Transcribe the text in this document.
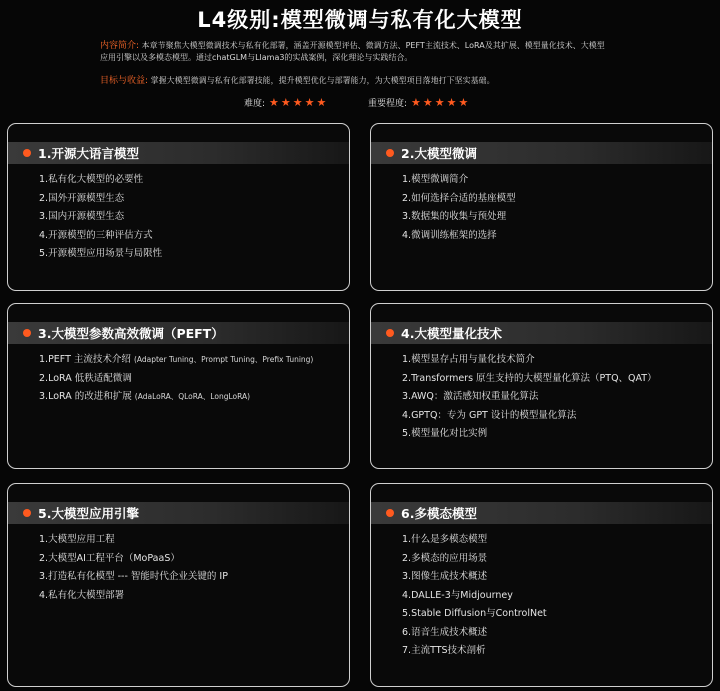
L4级别:模型微调与私有化大模型
内容简介: 本章节聚焦大模型微调技术与私有化部署，涵盖开源模型评估、微调方法、PEFT主流技术、LoRA及其扩展、模型量化技术、大模型
应用引擎以及多模态模型。通过chatGLM与Llama3的实战案例，深化理论与实践结合。
目标与收益: 掌握大模型微调与私有化部署技能，提升模型优化与部署能力，为大模型项目落地打下坚实基础。
难度: ★★★★★	重要程度: ★★★★★
1.开源大语言模型
1.私有化大模型的必要性
2.国外开源模型生态
3.国内开源模型生态
4.开源模型的三种评估方式
5.开源模型应用场景与局限性
2.大模型微调
1.模型微调简介
2.如何选择合适的基座模型
3.数据集的收集与预处理
4.微调训练框架的选择
3.大模型参数高效微调（PEFT）
1.PEFT 主流技术介绍 (Adapter Tuning、Prompt Tuning、Prefix Tuning)
2.LoRA 低秩适配微调
3.LoRA 的改进和扩展 (AdaLoRA、QLoRA、LongLoRA)
4.大模型量化技术
1.模型显存占用与量化技术简介
2.Transformers 原生支持的大模型量化算法（PTQ、QAT）
3.AWQ：激活感知权重量化算法
4.GPTQ：专为 GPT 设计的模型量化算法
5.模型量化对比实例
5.大模型应用引擎
1.大模型应用工程
2.大模型AI工程平台（MoPaaS）
3.打造私有化模型 --- 智能时代企业关键的 IP
4.私有化大模型部署
6.多模态模型
1.什么是多模态模型
2.多模态的应用场景
3.图像生成技术概述
4.DALLE-3与Midjourney
5.Stable Diffusion与ControlNet
6.语音生成技术概述
7.主流TTS技术剖析
